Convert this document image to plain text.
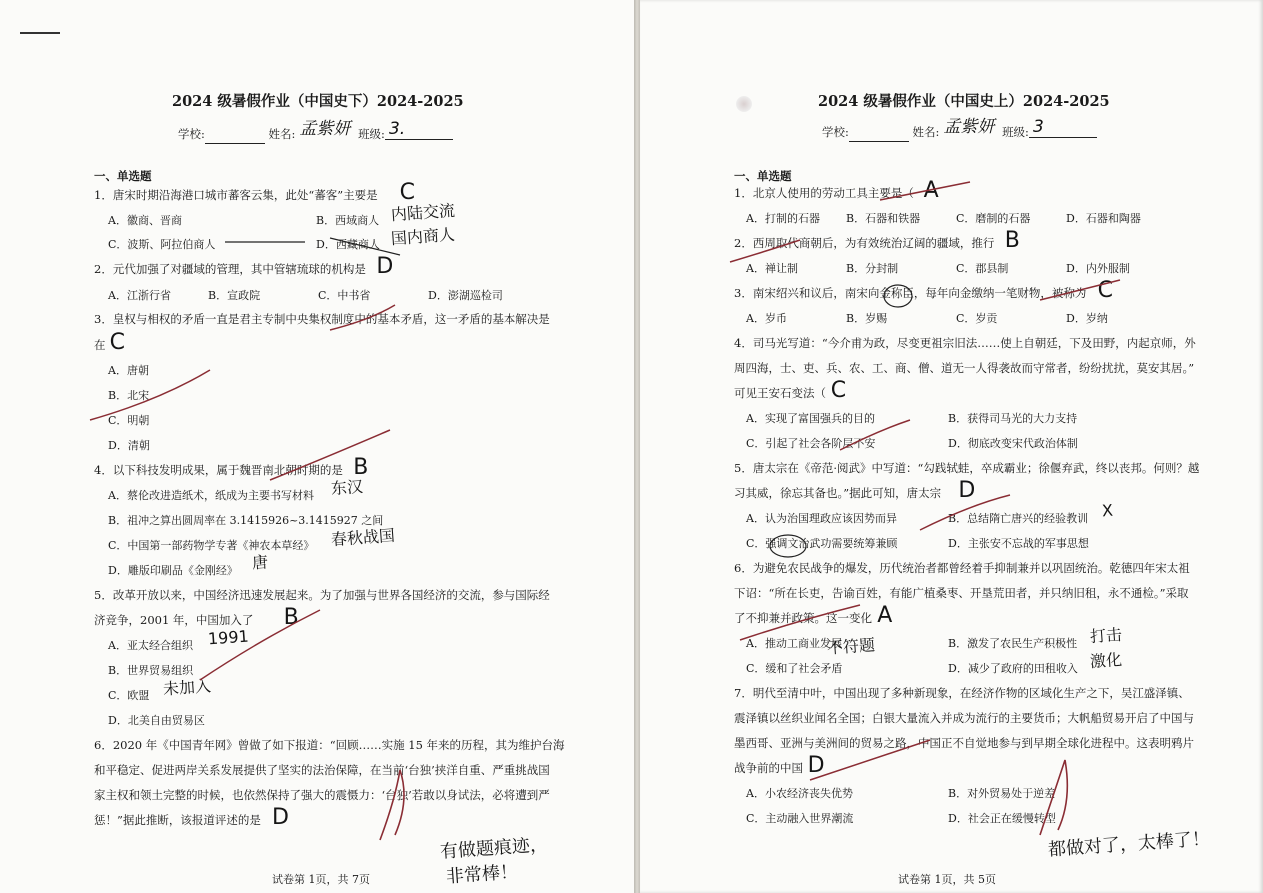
2024 级暑假作业（中国史下）2024-2025
学校:	姓名: 孟紫妍 班级: 3.
一、单选题
1．唐宋时期沿海港口城市蕃客云集，此处“蕃客”主要是 C
A．徽商、晋商	B．西域商人 内陆交流
C．波斯、阿拉伯商人	D．西藏商人 国内商人
2．元代加强了对疆域的管理，其中管辖琉球的机构是 D
A．江浙行省	B．宣政院	C．中书省	D．澎湖巡检司
3．皇权与相权的矛盾一直是君主专制中央集权制度中的基本矛盾，这一矛盾的基本解决是
在 C
A．唐朝
B．北宋
C．明朝
D．清朝
4．以下科技发明成果，属于魏晋南北朝时期的是 B
A．蔡伦改进造纸术，纸成为主要书写材料 东汉
B．祖冲之算出圆周率在 3.1415926~3.1415927 之间
C．中国第一部药物学专著《神农本草经》 春秋战国
D．雕版印刷品《金刚经》 唐
5．改革开放以来，中国经济迅速发展起来。为了加强与世界各国经济的交流，参与国际经
济竞争，2001 年，中国加入了 B
A．亚太经合组织 1991
B．世界贸易组织
C．欧盟 未加入
D．北美自由贸易区
6．2020 年《中国青年网》曾做了如下报道：“回顾……实施 15 年来的历程，其为维护台海
和平稳定、促进两岸关系发展提供了坚实的法治保障，在当前‘台独’挟洋自重、严重挑战国
家主权和领土完整的时候，也依然保持了强大的震慑力：‘台独’若敢以身试法，必将遭到严
惩！”据此推断，该报道评述的是 D
有做题痕迹，
非常棒！
试卷第 1页，共 7页
2024 级暑假作业（中国史上）2024-2025
学校:	姓名: 孟紫妍 班级: 3
一、单选题
1．北京人使用的劳动工具主要是（ A
A．打制的石器 B．石器和铁器	C．磨制的石器	D．石器和陶器
2．西周取代商朝后，为有效统治辽阔的疆域，推行 B
A．禅让制	B．分封制	C．郡县制	D．内外服制
3．南宋绍兴和议后，南宋向金称臣，每年向金缴纳一笔财物，被称为 C
A．岁币	B．岁赐	C．岁贡	D．岁纳
4．司马光写道：“今介甫为政，尽变更祖宗旧法……使上自朝廷，下及田野，内起京师，外
周四海，士、吏、兵、农、工、商、僧、道无一人得袭故而守常者，纷纷扰扰，莫安其居。”
可见王安石变法（ C
A．实现了富国强兵的目的	B．获得司马光的大力支持
C．引起了社会各阶层不安	D．彻底改变宋代政治体制
5．唐太宗在《帝范·阅武》中写道：“勾践轼蛙，卒成霸业；徐偃弃武，终以丧邦。何则？越
习其威，徐忘其备也。”据此可知，唐太宗 D
A．认为治国理政应该因势而异	B．总结隋亡唐兴的经验教训 X
C．强调文治武功需要统筹兼顾	D．主张安不忘战的军事思想
6．为避免农民战争的爆发，历代统治者都曾经着手抑制兼并以巩固统治。乾德四年宋太祖
下诏：“所在长吏，告谕百姓，有能广植桑枣、开垦荒田者，并只纳旧租，永不通检。”采取
了不抑兼并政策。这一变化 A
A．推动工商业发展	B．激发了农民生产积极性 打击
C．缓和了社会矛盾	D．减少了政府的田租收入 激化
不符题
7．明代至清中叶，中国出现了多种新现象，在经济作物的区域化生产之下，吴江盛泽镇、
震泽镇以丝织业闻名全国；白银大量流入并成为流行的主要货币；大帆船贸易开启了中国与
墨西哥、亚洲与美洲间的贸易之路，中国正不自觉地参与到早期全球化进程中。这表明鸦片
战争前的中国 D
A．小农经济丧失优势	B．对外贸易处于逆差
C．主动融入世界潮流	D．社会正在缓慢转型
都做对了，太棒了！
试卷第 1页，共 5页
